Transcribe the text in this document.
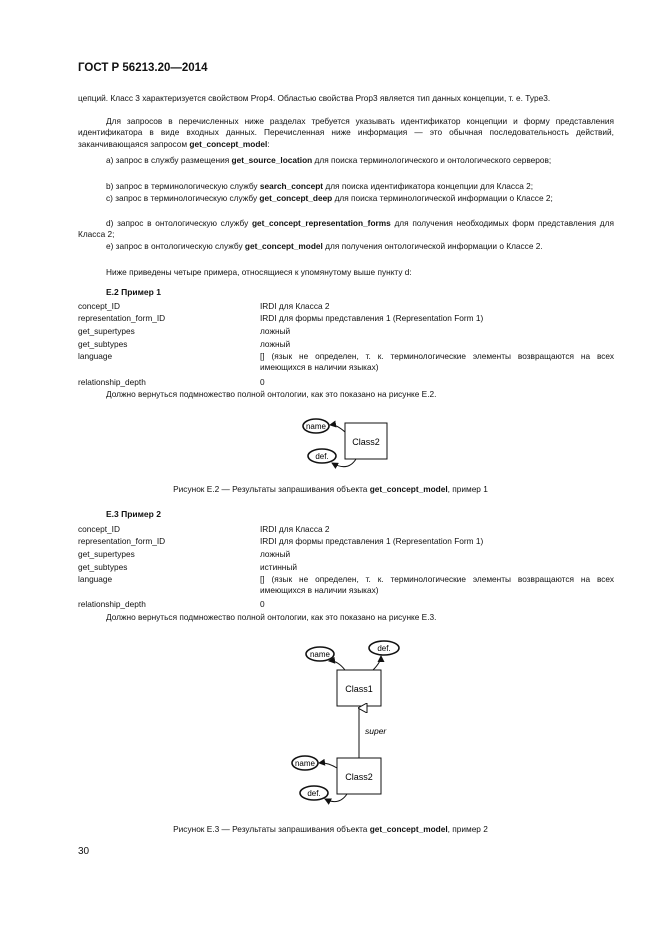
ГОСТ Р 56213.20—2014
цепций. Класс 3 характеризуется свойством Prop4. Областью свойства Prop3 является тип данных концепции, т. е. Type3.
Для запросов в перечисленных ниже разделах требуется указывать идентификатор концепции и форму представления идентификатора в виде входных данных. Перечисленная ниже информация — это обычная последовательность действий, заканчивающаяся запросом get_concept_model:
a) запрос в службу размещения get_source_location для поиска терминологического и онтологического серверов;
b) запрос в терминологическую службу search_concept для поиска идентификатора концепции для Класса 2;
c) запрос в терминологическую службу get_concept_deep для поиска терминологической информации о Классе 2;
d) запрос в онтологическую службу get_concept_representation_forms для получения необходимых форм представления для Класса 2;
e) запрос в онтологическую службу get_concept_model для получения онтологической информации о Классе 2.
Ниже приведены четыре примера, относящиеся к упомянутому выше пункту d:
Е.2 Пример 1
concept_ID	IRDI для Класса 2
representation_form_ID	IRDI для формы представления 1 (Representation Form 1)
get_supertypes	ложный
get_subtypes	ложный
language	[] (язык не определен, т. к. терминологические элементы возвращаются на всех имеющихся в наличии языках)
relationship_depth	0
Должно вернуться подмножество полной онтологии, как это показано на рисунке Е.2.
Class2
name
def.
Рисунок Е.2 — Результаты запрашивания объекта get_concept_model, пример 1
Е.3 Пример 2
concept_ID	IRDI для Класса 2
representation_form_ID	IRDI для формы представления 1 (Representation Form 1)
get_supertypes	ложный
get_subtypes	истинный
language	[] (язык не определен, т. к. терминологические элементы возвращаются на всех имеющихся в наличии языках)
relationship_depth	0
Должно вернуться подмножество полной онтологии, как это показано на рисунке Е.3.
Class1
name
def.
super
Class2
name
def.
Рисунок Е.3 — Результаты запрашивания объекта get_concept_model, пример 2
30
